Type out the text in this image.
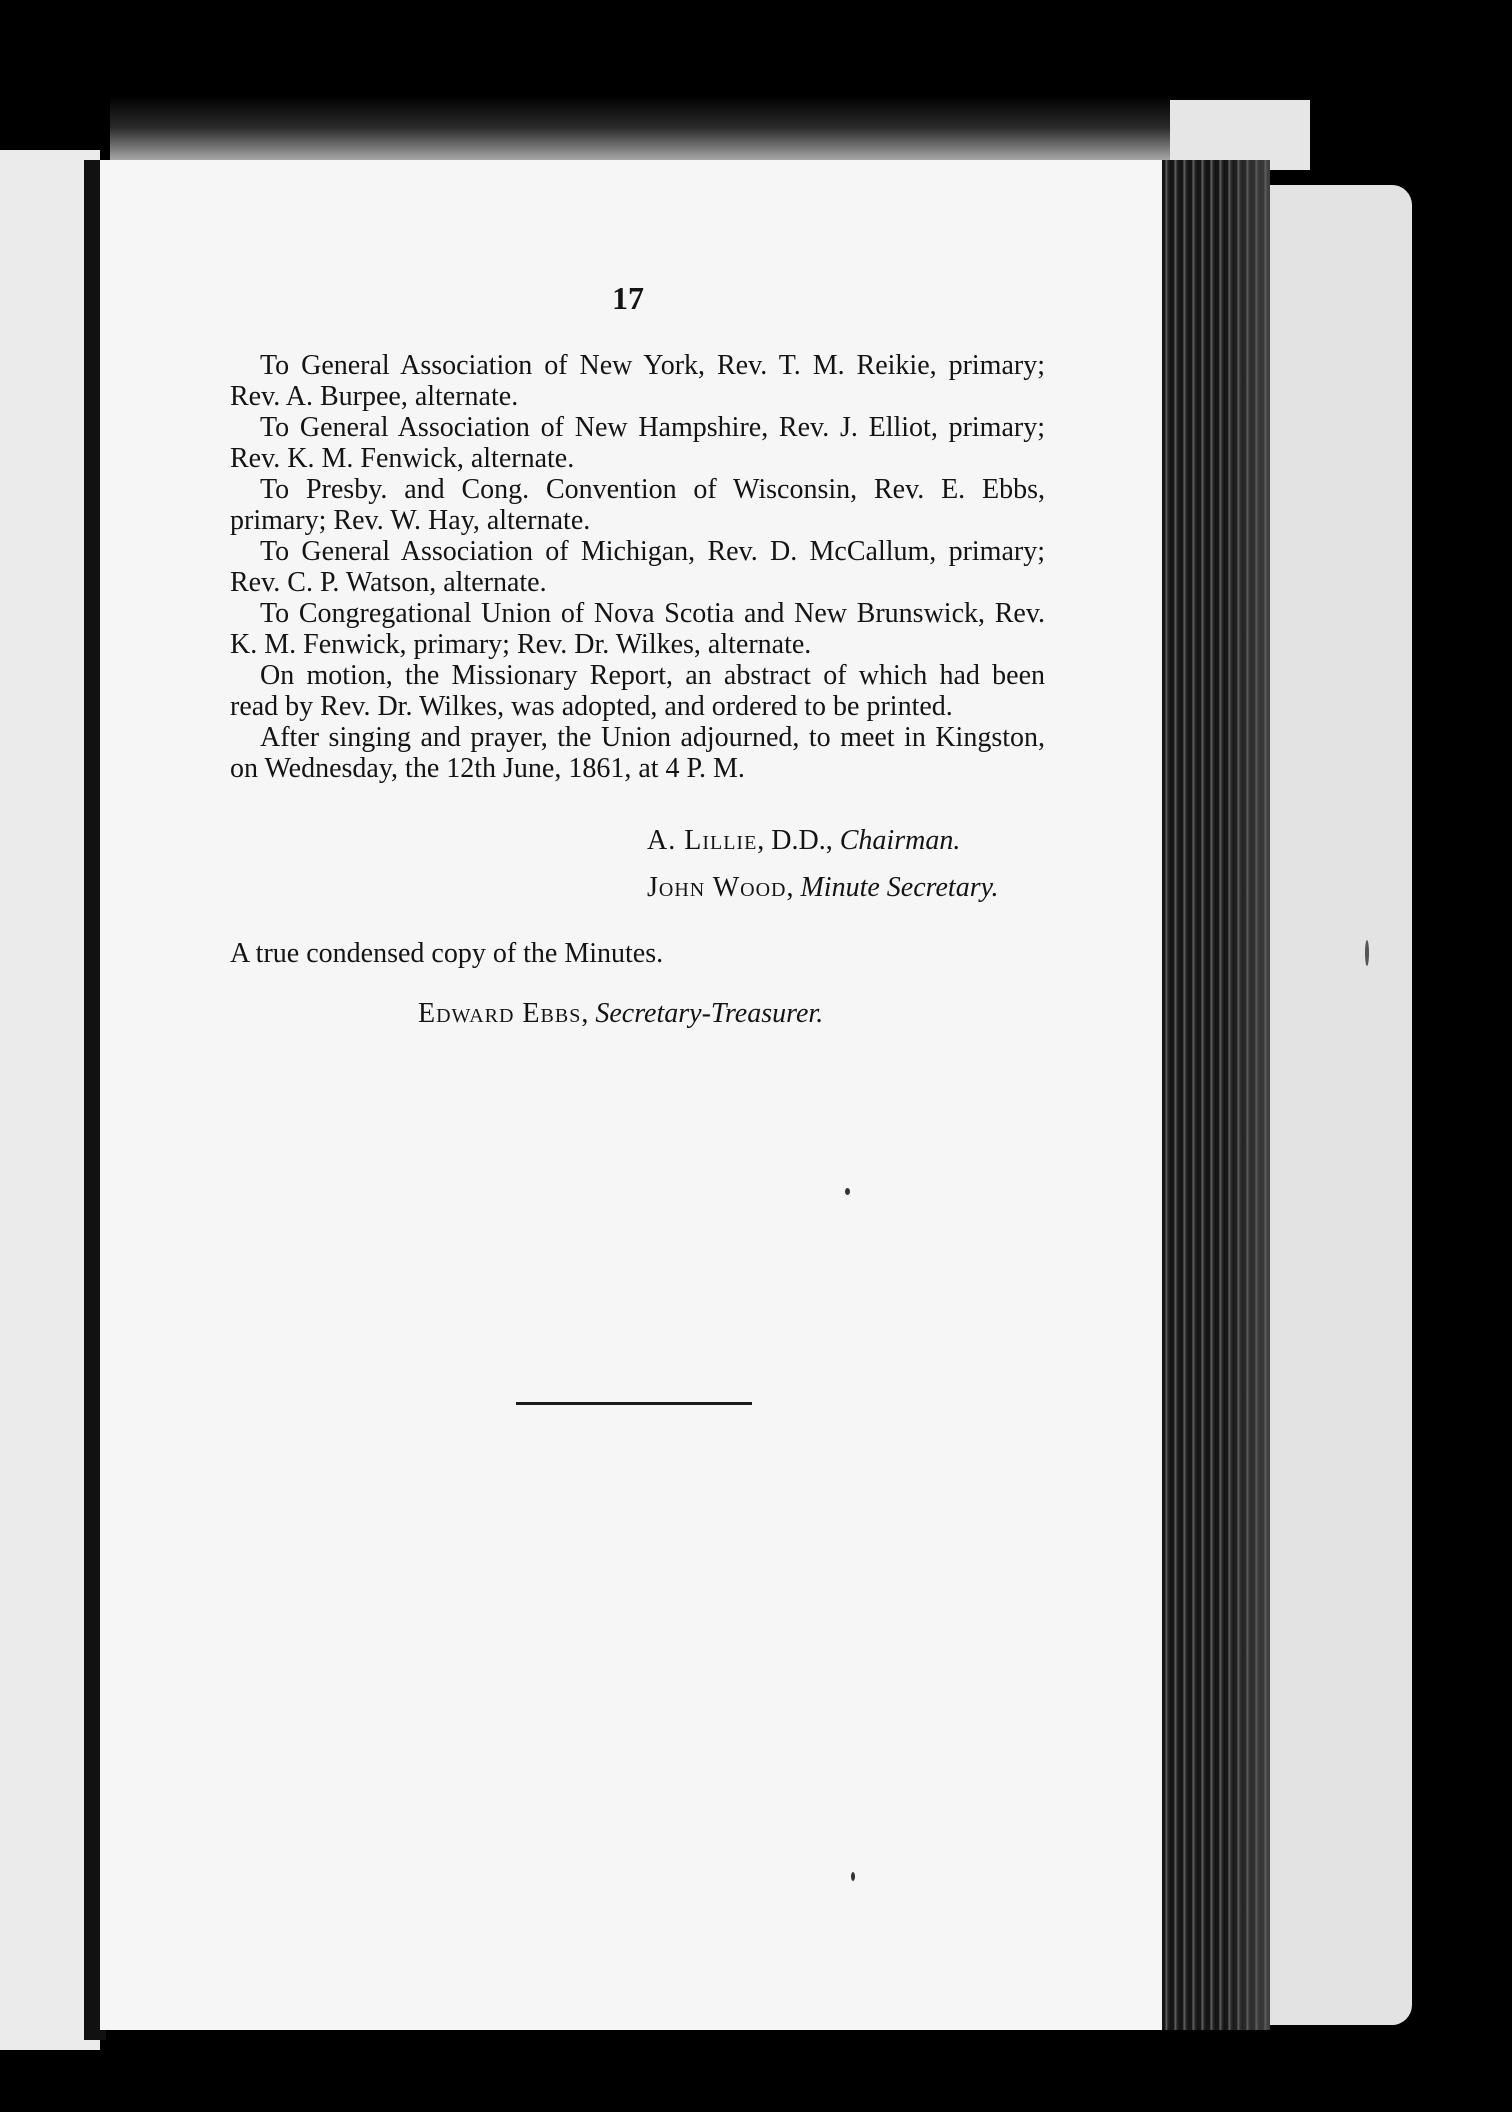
17

To General Association of New York, Rev. T. M. Reikie, primary; Rev. A. Burpee, alternate.

To General Association of New Hampshire, Rev. J. Elliot, primary; Rev. K. M. Fenwick, alternate.

To Presby. and Cong. Convention of Wisconsin, Rev. E. Ebbs, primary; Rev. W. Hay, alternate.

To General Association of Michigan, Rev. D. McCallum, primary; Rev. C. P. Watson, alternate.

To Congregational Union of Nova Scotia and New Brunswick, Rev. K. M. Fenwick, primary; Rev. Dr. Wilkes, alternate.

On motion, the Missionary Report, an abstract of which had been read by Rev. Dr. Wilkes, was adopted, and ordered to be printed.

After singing and prayer, the Union adjourned, to meet in Kingston, on Wednesday, the 12th June, 1861, at 4 P. M.

A. Lillie, D.D., Chairman.
John Wood, Minute Secretary.
A true condensed copy of the Minutes.
Edward Ebbs, Secretary-Treasurer.
